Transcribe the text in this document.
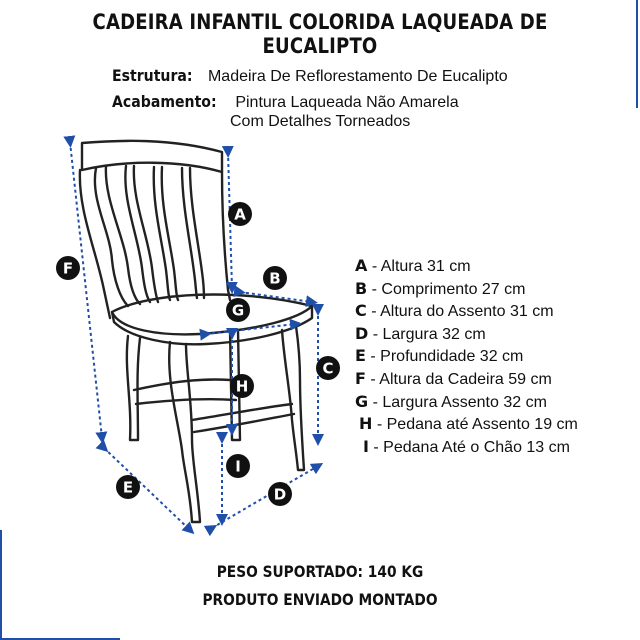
CADEIRA INFANTIL COLORIDA LAQUEADA DE EUCALIPTO
Estrutura: Madeira De Reflorestamento De Eucalipto
Acabamento: Pintura Laqueada Não Amarela
Com Detalhes Torneados
A
B
C
D
E
F
G
H
I
A - Altura 31 cm
B - Comprimento 27 cm
C - Altura do Assento 31 cm
D - Largura 32 cm
E - Profundidade 32 cm
F - Altura da Cadeira 59 cm
G - Largura Assento 32 cm
H - Pedana até Assento 19 cm
I - Pedana Até o Chão 13 cm
PESO SUPORTADO: 140 KG
PRODUTO ENVIADO MONTADO
